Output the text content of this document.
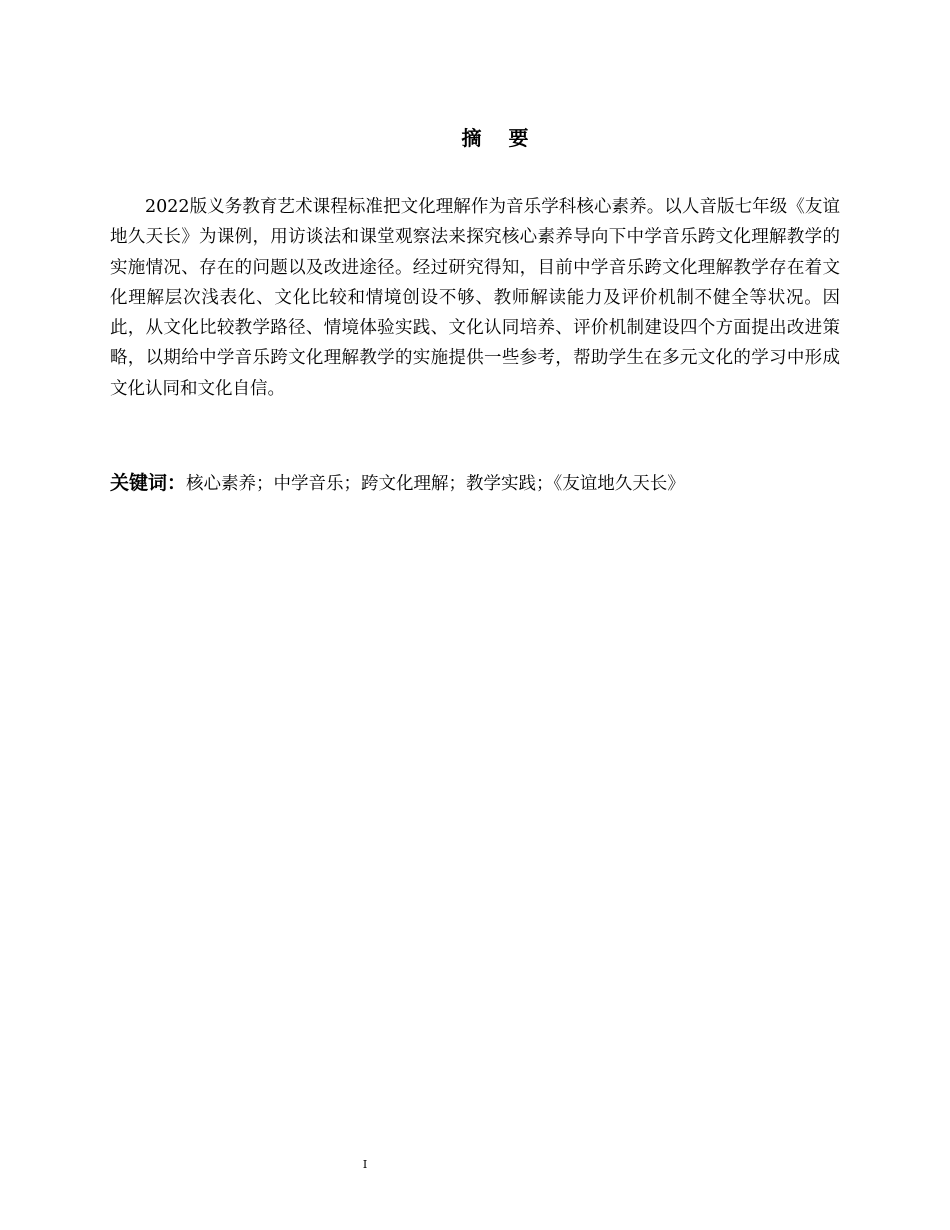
摘 要

2022版义务教育艺术课程标准把文化理解作为音乐学科核心素养。以人音版七年级《友谊地久天长》为课例，用访谈法和课堂观察法来探究核心素养导向下中学音乐跨文化理解教学的实施情况、存在的问题以及改进途径。经过研究得知，目前中学音乐跨文化理解教学存在着文化理解层次浅表化、文化比较和情境创设不够、教师解读能力及评价机制不健全等状况。因此，从文化比较教学路径、情境体验实践、文化认同培养、评价机制建设四个方面提出改进策略，以期给中学音乐跨文化理解教学的实施提供一些参考，帮助学生在多元文化的学习中形成文化认同和文化自信。

关键词：核心素养；中学音乐；跨文化理解；教学实践；《友谊地久天长》

I
